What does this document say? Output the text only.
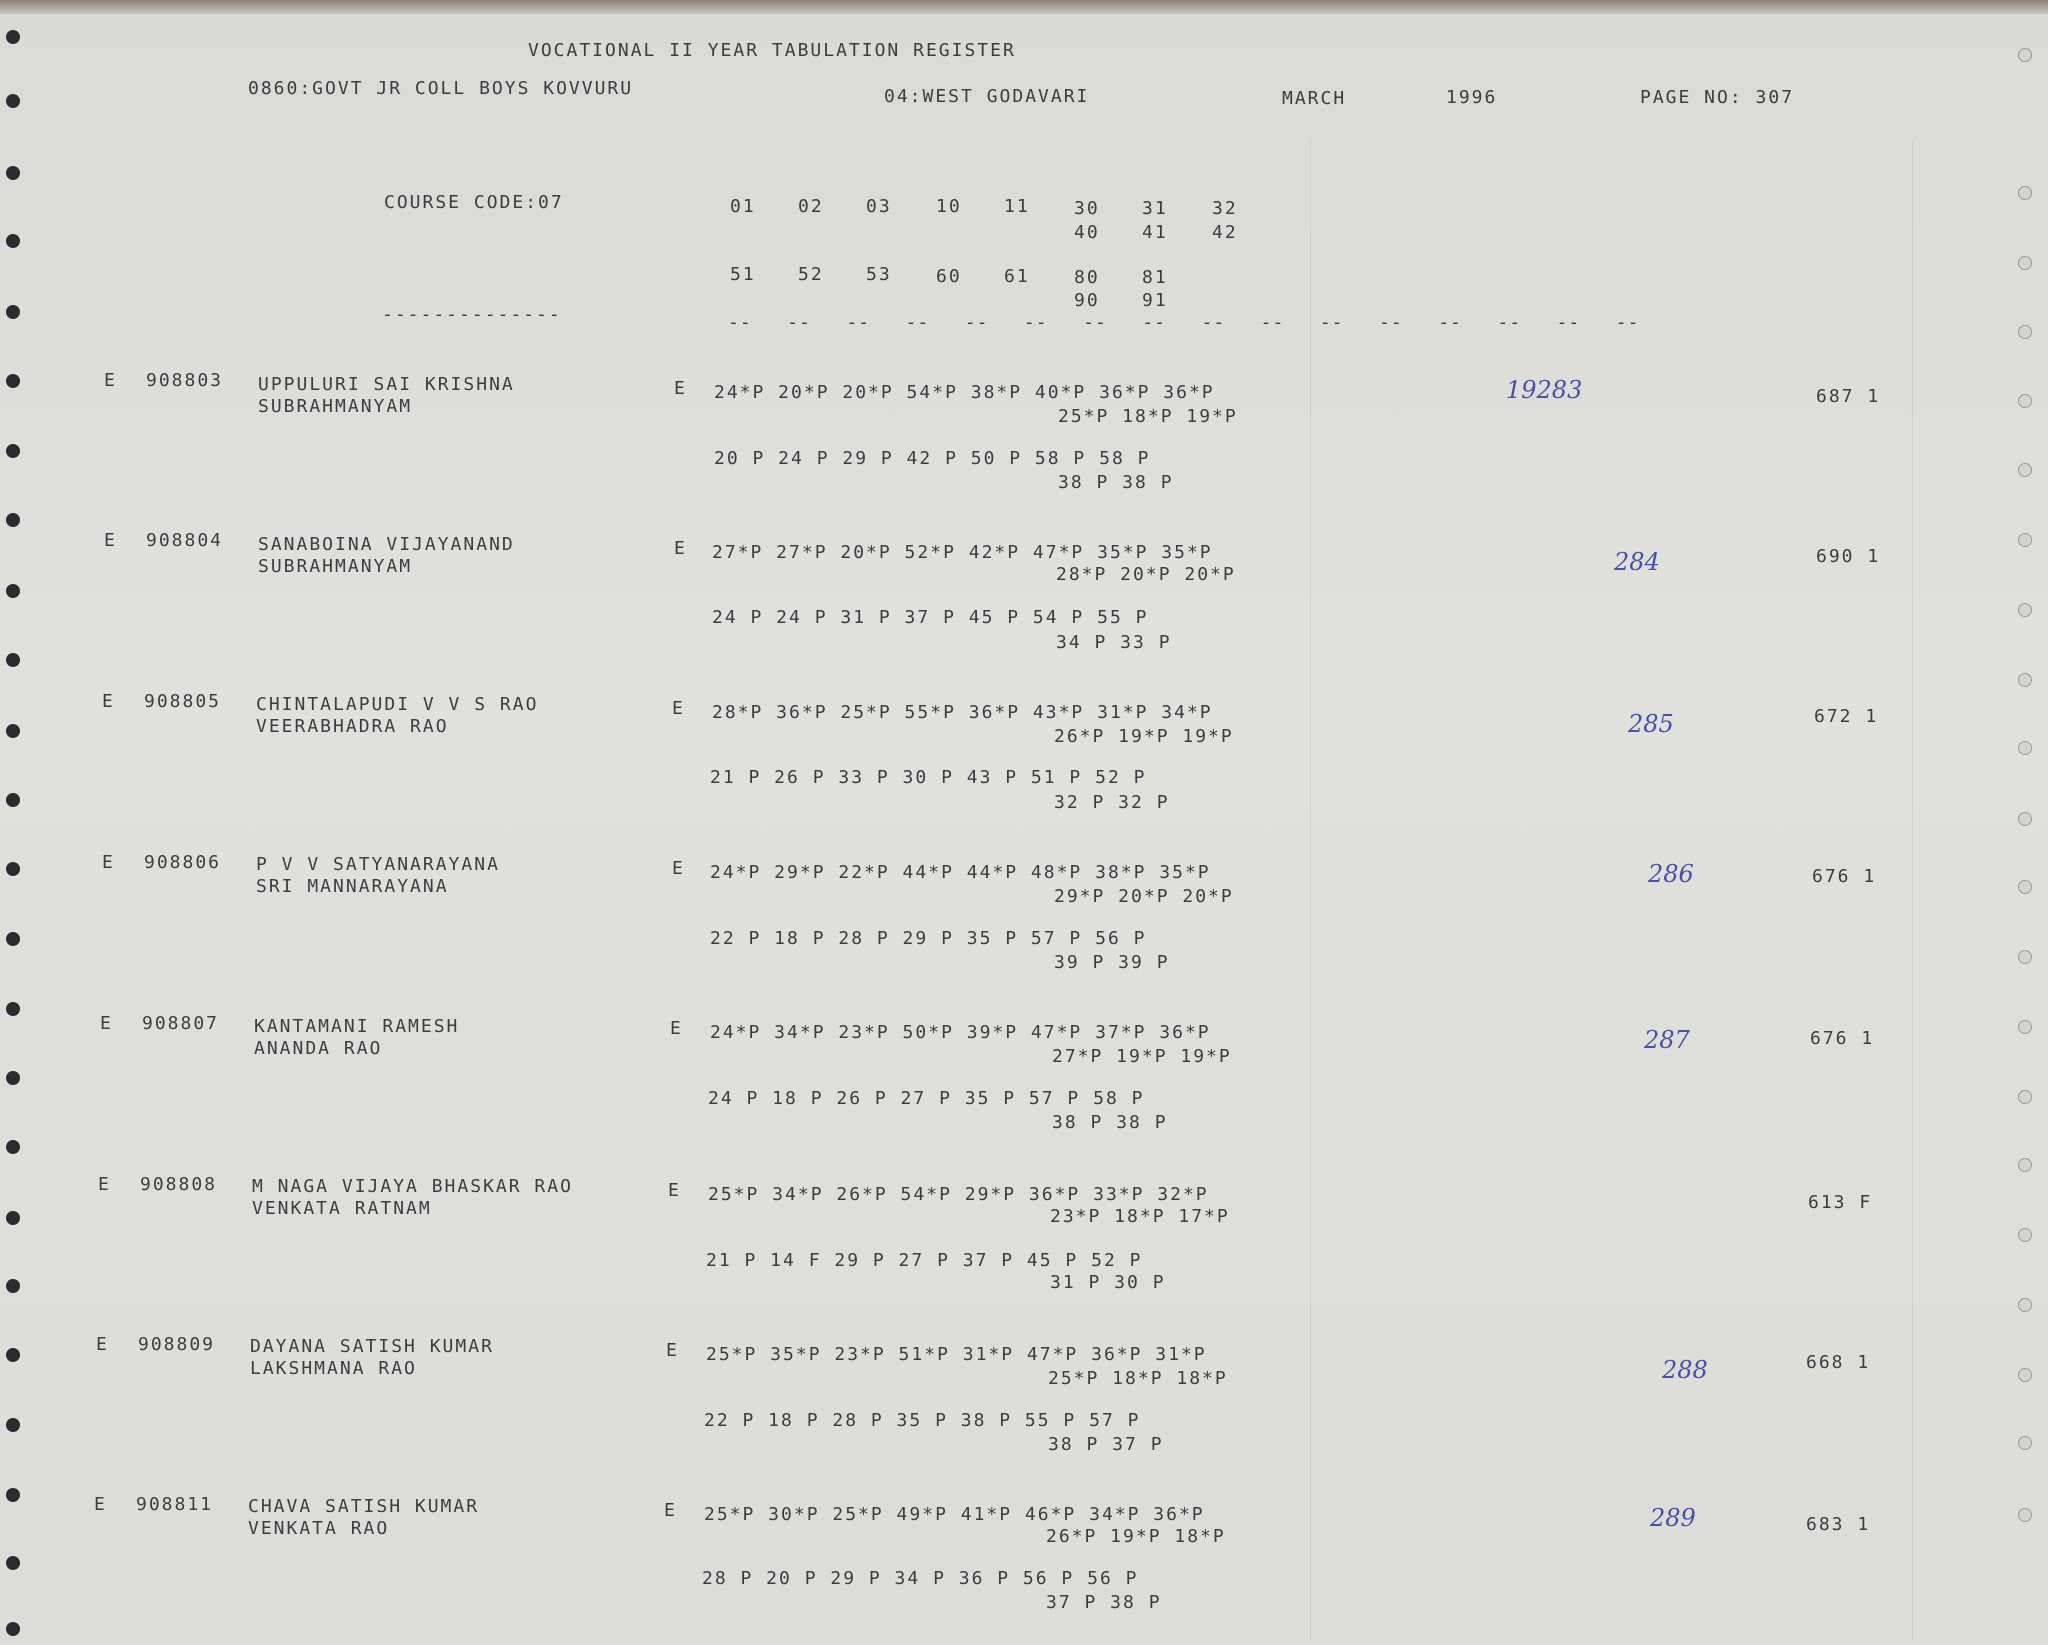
VOCATIONAL II YEAR TABULATION REGISTER
0860:GOVT JR COLL BOYS KOVVURU	04:WEST GODAVARI	MARCH	1996	PAGE NO: 307
COURSE CODE:07
--------------	--   --   --   --   --   --   --   --   --   --   --   --   --   --   --   --
01 02 03 10 11 30 31 32
40 41 42
51 52 53 60 61 80 81
90 91
E 908803 UPPULURI SAI KRISHNA
SUBRAHMANYAM
E 24*P 20*P 20*P 54*P 38*P 40*P 36*P 36*P
25*P 18*P 19*P
20 P 24 P 29 P 42 P 50 P 58 P 58 P
38 P 38 P
19283	687 1
E 908804 SANABOINA VIJAYANAND
SUBRAHMANYAM
E 27*P 27*P 20*P 52*P 42*P 47*P 35*P 35*P
28*P 20*P 20*P
24 P 24 P 31 P 37 P 45 P 54 P 55 P
34 P 33 P
284	690 1
E 908805 CHINTALAPUDI V V S RAO
VEERABHADRA RAO
E 28*P 36*P 25*P 55*P 36*P 43*P 31*P 34*P
26*P 19*P 19*P
21 P 26 P 33 P 30 P 43 P 51 P 52 P
32 P 32 P
285	672 1
E 908806 P V V SATYANARAYANA
SRI MANNARAYANA
E 24*P 29*P 22*P 44*P 44*P 48*P 38*P 35*P
29*P 20*P 20*P
22 P 18 P 28 P 29 P 35 P 57 P 56 P
39 P 39 P
286	676 1
E 908807 KANTAMANI RAMESH
ANANDA RAO
E 24*P 34*P 23*P 50*P 39*P 47*P 37*P 36*P
27*P 19*P 19*P
24 P 18 P 26 P 27 P 35 P 57 P 58 P
38 P 38 P
287	676 1
E 908808 M NAGA VIJAYA BHASKAR RAO
VENKATA RATNAM
E 25*P 34*P 26*P 54*P 29*P 36*P 33*P 32*P
23*P 18*P 17*P
21 P 14 F 29 P 27 P 37 P 45 P 52 P
31 P 30 P
613 F
E 908809 DAYANA SATISH KUMAR
LAKSHMANA RAO
E 25*P 35*P 23*P 51*P 31*P 47*P 36*P 31*P
25*P 18*P 18*P
22 P 18 P 28 P 35 P 38 P 55 P 57 P
38 P 37 P
288	668 1
E 908811 CHAVA SATISH KUMAR
VENKATA RAO
E 25*P 30*P 25*P 49*P 41*P 46*P 34*P 36*P
26*P 19*P 18*P
28 P 20 P 29 P 34 P 36 P 56 P 56 P
37 P 38 P
289	683 1
